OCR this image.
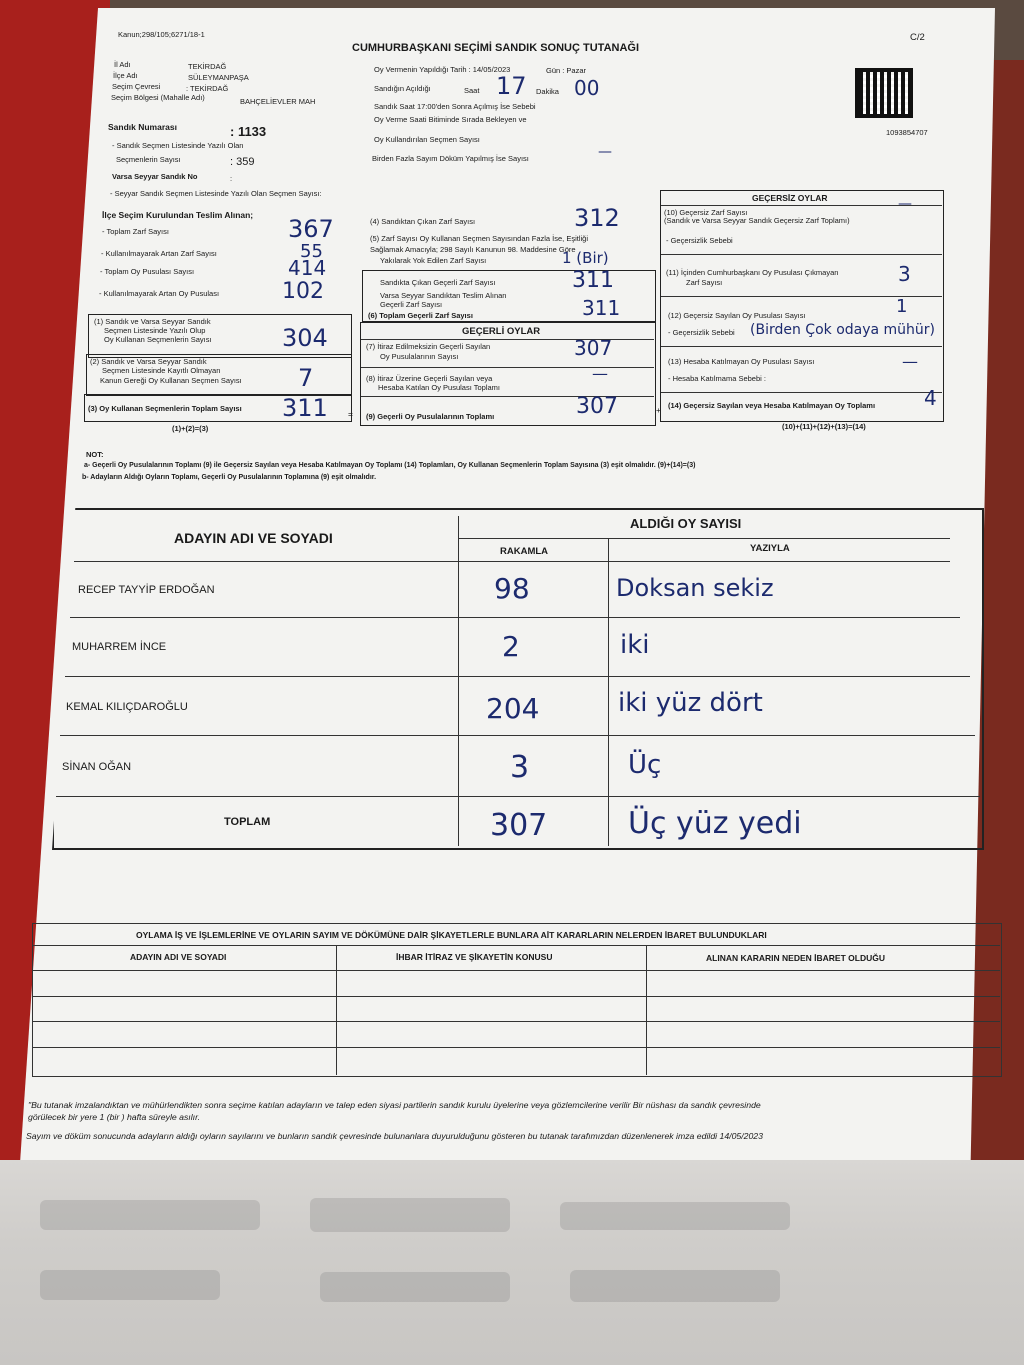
Kanun;298/105;6271/18-1	C/2
CUMHURBAŞKANI SEÇİMİ SANDIK SONUÇ TUTANAĞI
1093854707
İl Adı	TEKİRDAĞ
İlçe Adı	SÜLEYMANPAŞA
Seçim Çevresi	: TEKİRDAĞ
Seçim Bölgesi (Mahalle Adı)	BAHÇELİEVLER MAH
Oy Vermenin Yapıldığı Tarih : 14/05/2023	Gün : Pazar
Sandığın Açıldığı	Saat 17 Dakika 00
Sandık Saat 17:00'den Sonra Açılmış İse Sebebi
Oy Verme Saati Bitiminde Sırada Bekleyen ve
Oy Kullandırılan Seçmen Sayısı
Birden Fazla Sayım Döküm Yapılmış İse Sayısı	—
Sandık Numarası	: 1133
- Sandık Seçmen Listesinde Yazılı Olan
Seçmenlerin Sayısı	: 359
Varsa Seyyar Sandık No	:
- Seyyar Sandık Seçmen Listesinde Yazılı Olan Seçmen Sayısı:
İlçe Seçim Kurulundan Teslim Alınan;
- Toplam Zarf Sayısı	367
- Kullanılmayarak Artan Zarf Sayısı	55
- Toplam Oy Pusulası Sayısı	414
- Kullanılmayarak Artan Oy Pusulası	102
(1) Sandık ve Varsa Seyyar Sandık
Seçmen Listesinde Yazılı Olup
Oy Kullanan Seçmenlerin Sayısı	304
(2) Sandık ve Varsa Seyyar Sandık
Seçmen Listesinde Kayıtlı Olmayan
Kanun Gereği Oy Kullanan Seçmen Sayısı 7
(3) Oy Kullanan Seçmenlerin Toplam Sayısı 311
(1)+(2)=(3)
=
(4) Sandıktan Çıkan Zarf Sayısı	312
(5) Zarf Sayısı Oy Kullanan Seçmen Sayısından Fazla İse, Eşitliği
Sağlamak Amacıyla; 298 Sayılı Kanunun 98. Maddesine Göre
Yakılarak Yok Edilen Zarf Sayısı	1 (Bir)
Sandıkta Çıkan Geçerli Zarf Sayısı	311
Varsa Seyyar Sandıktan Teslim Alınan
Geçerli Zarf Sayısı
(6) Toplam Geçerli Zarf Sayısı	311
GEÇERLİ OYLAR
(7) İtiraz Edilmeksizin Geçerli Sayılan
Oy Pusulalarının Sayısı	307
(8) İtiraz Üzerine Geçerli Sayılan veya
Hesaba Katılan Oy Pusulası Toplamı
—
(9) Geçerli Oy Pusulalarının Toplamı	307	+
GEÇERSİZ OYLAR
(10) Geçersiz Zarf Sayısı
(Sandık ve Varsa Seyyar Sandık Geçersiz Zarf Toplamı)
—
- Geçersizlik Sebebi
(11) İçinden Cumhurbaşkanı Oy Pusulası Çıkmayan
Zarf Sayısı	3
(12) Geçersiz Sayılan Oy Pusulası Sayısı	1
- Geçersizlik Sebebi (Birden Çok odaya mühür)
(13) Hesaba Katılmayan Oy Pusulası Sayısı	—
- Hesaba Katılmama Sebebi :
(14) Geçersiz Sayılan veya Hesaba Katılmayan Oy Toplamı 4
(10)+(11)+(12)+(13)=(14)
NOT:
a- Geçerli Oy Pusulalarının Toplamı (9) ile Geçersiz Sayılan veya Hesaba Katılmayan Oy Toplamı (14) Toplamları, Oy Kullanan Seçmenlerin Toplam Sayısına (3) eşit olmalıdır. (9)+(14)=(3)
b- Adayların Aldığı Oyların Toplamı, Geçerli Oy Pusulalarının Toplamına (9) eşit olmalıdır.
ADAYIN ADI VE SOYADI
ALDIĞI OY SAYISI
RAKAMLA	YAZIYLA
RECEP TAYYİP ERDOĞAN	98	Doksan sekiz
MUHARREM İNCE	2	iki
KEMAL KILIÇDAROĞLU	204	iki yüz dört
SİNAN OĞAN	3	Üç
TOPLAM	307	Üç yüz yedi
OYLAMA İŞ VE İŞLEMLERİNE VE OYLARIN SAYIM VE DÖKÜMÜNE DAİR ŞİKAYETLERLE BUNLARA AİT KARARLARIN NELERDEN İBARET BULUNDUKLARI
ADAYIN ADI VE SOYADI	İHBAR İTİRAZ VE ŞİKAYETİN KONUSU	ALINAN KARARIN NEDEN İBARET OLDUĞU
"Bu tutanak imzalandıktan ve mühürlendikten sonra seçime katılan adayların ve talep eden siyasi partilerin sandık kurulu üyelerine veya gözlemcilerine verilir Bir nüshası da sandık çevresinde
görülecek bir yere 1 (bir ) hafta süreyle asılır.
Sayım ve döküm sonucunda adayların aldığı oyların sayılarını ve bunların sandık çevresinde bulunanlara duyurulduğunu gösteren bu tutanak tarafımızdan düzenlenerek imza edildi 14/05/2023
